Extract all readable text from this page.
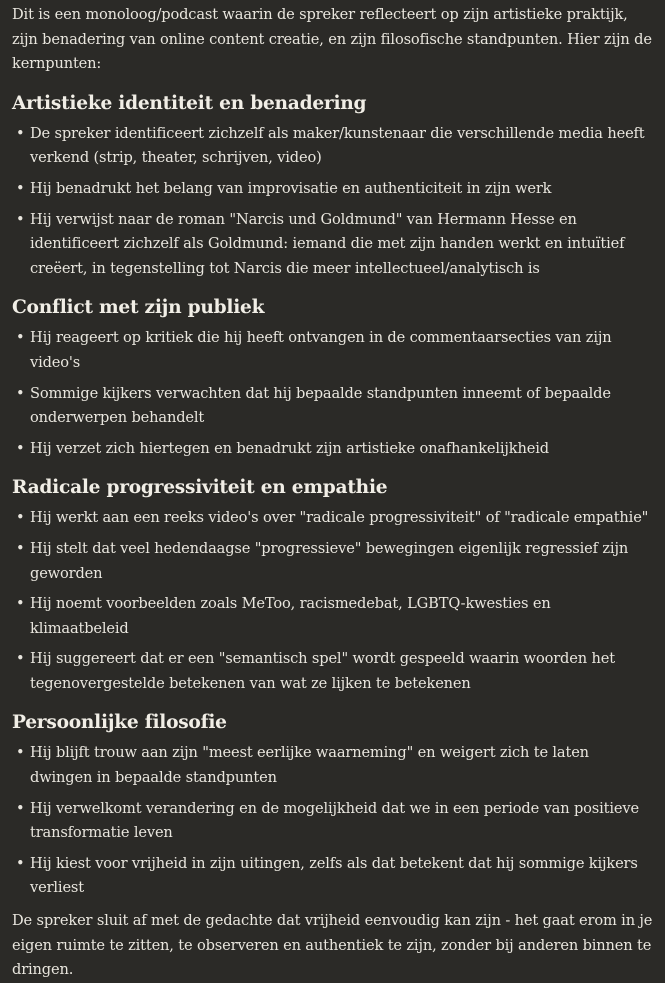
Dit is een monoloog/podcast waarin de spreker reflecteert op zijn artistieke praktijk, zijn benadering van online content creatie, en zijn filosofische standpunten. Hier zijn de kernpunten:

Artistieke identiteit en benadering
• De spreker identificeert zichzelf als maker/kunstenaar die verschillende media heeft verkend (strip, theater, schrijven, video)
• Hij benadrukt het belang van improvisatie en authenticiteit in zijn werk
• Hij verwijst naar de roman "Narcis und Goldmund" van Hermann Hesse en identificeert zichzelf als Goldmund: iemand die met zijn handen werkt en intuïtief creëert, in tegenstelling tot Narcis die meer intellectueel/analytisch is
Conflict met zijn publiek
• Hij reageert op kritiek die hij heeft ontvangen in de commentaarsecties van zijn video's
• Sommige kijkers verwachten dat hij bepaalde standpunten inneemt of bepaalde onderwerpen behandelt
• Hij verzet zich hiertegen en benadrukt zijn artistieke onafhankelijkheid
Radicale progressiviteit en empathie
• Hij werkt aan een reeks video's over "radicale progressiviteit" of "radicale empathie"
• Hij stelt dat veel hedendaagse "progressieve" bewegingen eigenlijk regressief zijn geworden
• Hij noemt voorbeelden zoals MeToo, racismedebat, LGBTQ-kwesties en klimaatbeleid
• Hij suggereert dat er een "semantisch spel" wordt gespeeld waarin woorden het tegenovergestelde betekenen van wat ze lijken te betekenen
Persoonlijke filosofie
• Hij blijft trouw aan zijn "meest eerlijke waarneming" en weigert zich te laten dwingen in bepaalde standpunten
• Hij verwelkomt verandering en de mogelijkheid dat we in een periode van positieve transformatie leven
• Hij kiest voor vrijheid in zijn uitingen, zelfs als dat betekent dat hij sommige kijkers verliest

De spreker sluit af met de gedachte dat vrijheid eenvoudig kan zijn - het gaat erom in je eigen ruimte te zitten, te observeren en authentiek te zijn, zonder bij anderen binnen te dringen.
